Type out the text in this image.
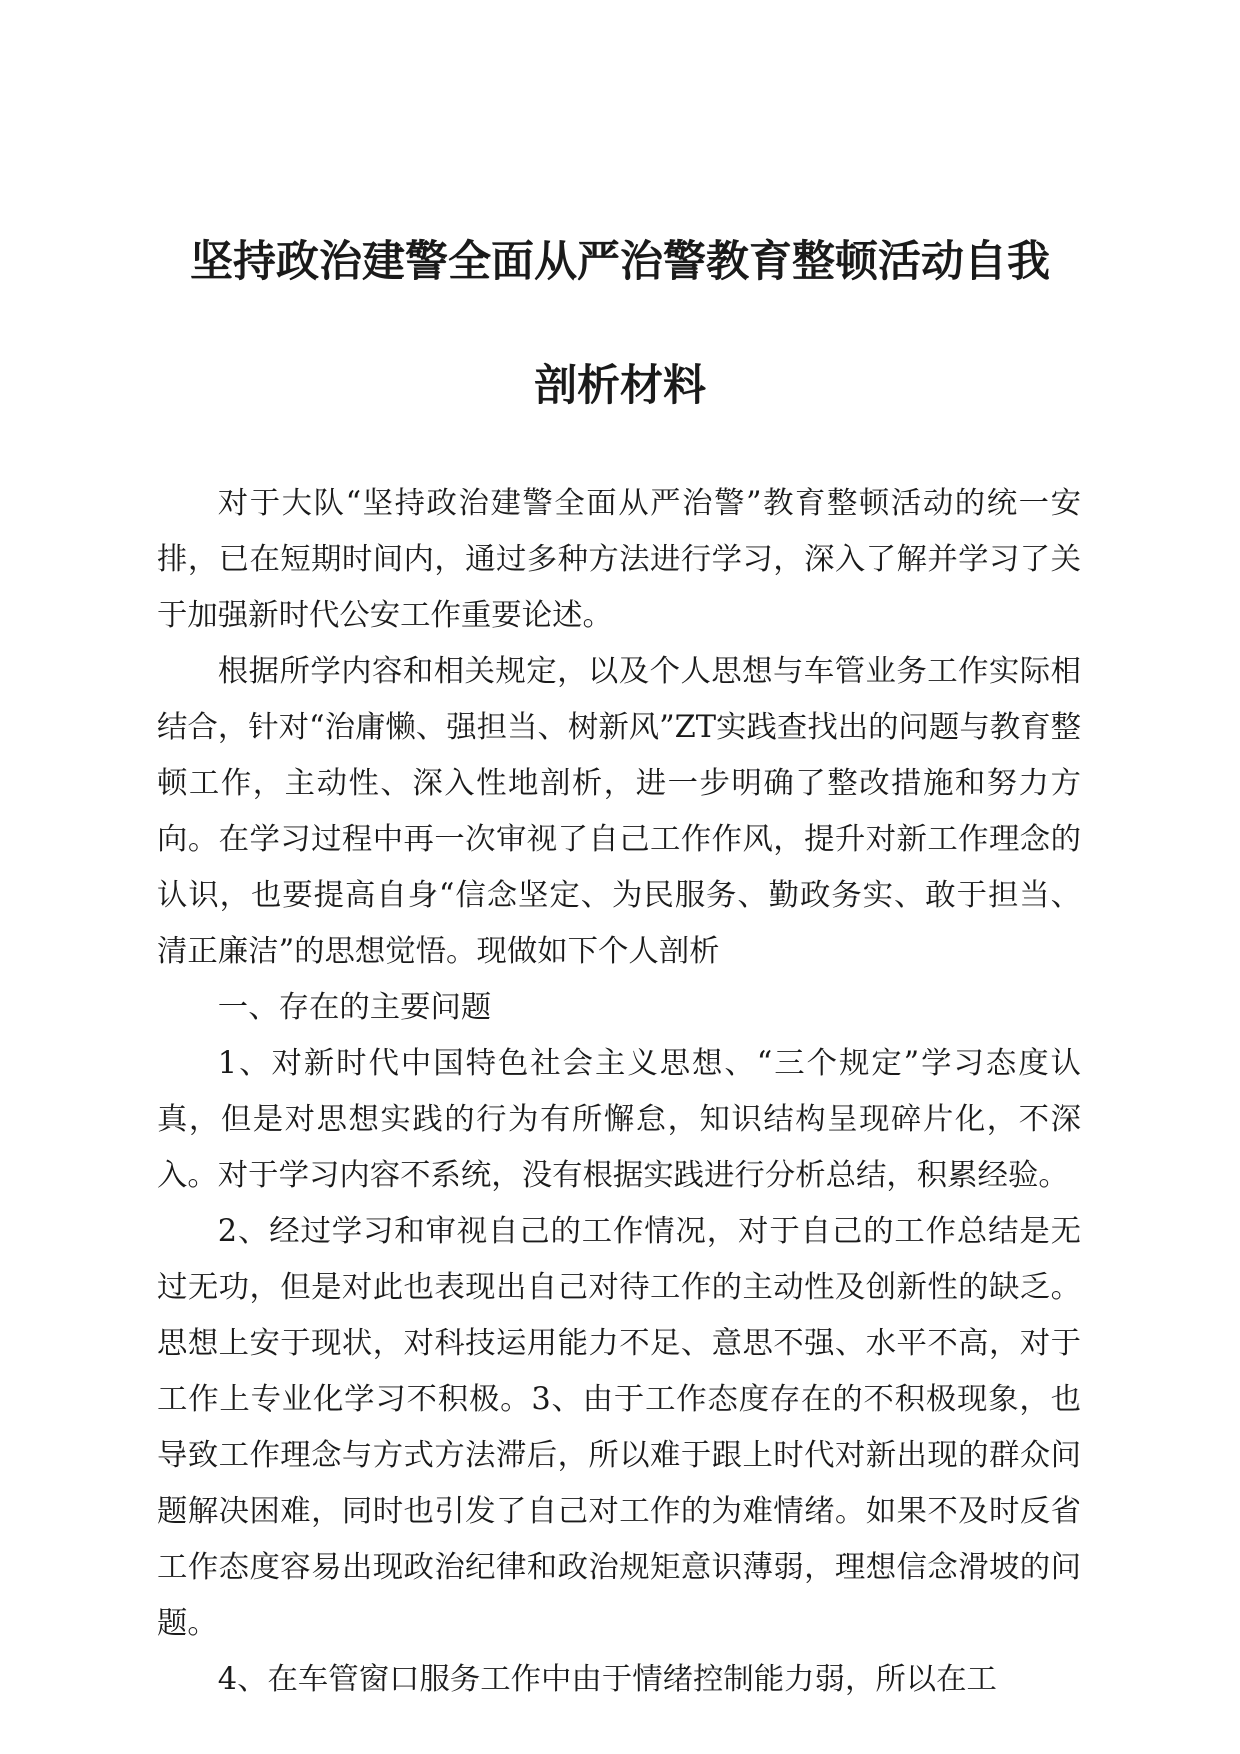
坚持政治建警全面从严治警教育整顿活动自我
剖析材料

对于大队“坚持政治建警全面从严治警”教育整顿活动的统一安排，已在短期时间内，通过多种方法进行学习，深入了解并学习了关于加强新时代公安工作重要论述。

根据所学内容和相关规定，以及个人思想与车管业务工作实际相结合，针对“治庸懒、强担当、树新风”ZT实践查找出的问题与教育整顿工作，主动性、深入性地剖析，进一步明确了整改措施和努力方向。在学习过程中再一次审视了自己工作作风，提升对新工作理念的认识，也要提高自身“信念坚定、为民服务、勤政务实、敢于担当、清正廉洁”的思想觉悟。现做如下个人剖析

一、存在的主要问题

1、对新时代中国特色社会主义思想、“三个规定”学习态度认真，但是对思想实践的行为有所懈怠，知识结构呈现碎片化，不深入。对于学习内容不系统，没有根据实践进行分析总结，积累经验。

2、经过学习和审视自己的工作情况，对于自己的工作总结是无过无功，但是对此也表现出自己对待工作的主动性及创新性的缺乏。思想上安于现状，对科技运用能力不足、意思不强、水平不高，对于工作上专业化学习不积极。3、由于工作态度存在的不积极现象，也导致工作理念与方式方法滞后，所以难于跟上时代对新出现的群众问题解决困难，同时也引发了自己对工作的为难情绪。如果不及时反省工作态度容易出现政治纪律和政治规矩意识薄弱，理想信念滑坡的问题。

4、在车管窗口服务工作中由于情绪控制能力弱，所以在工
